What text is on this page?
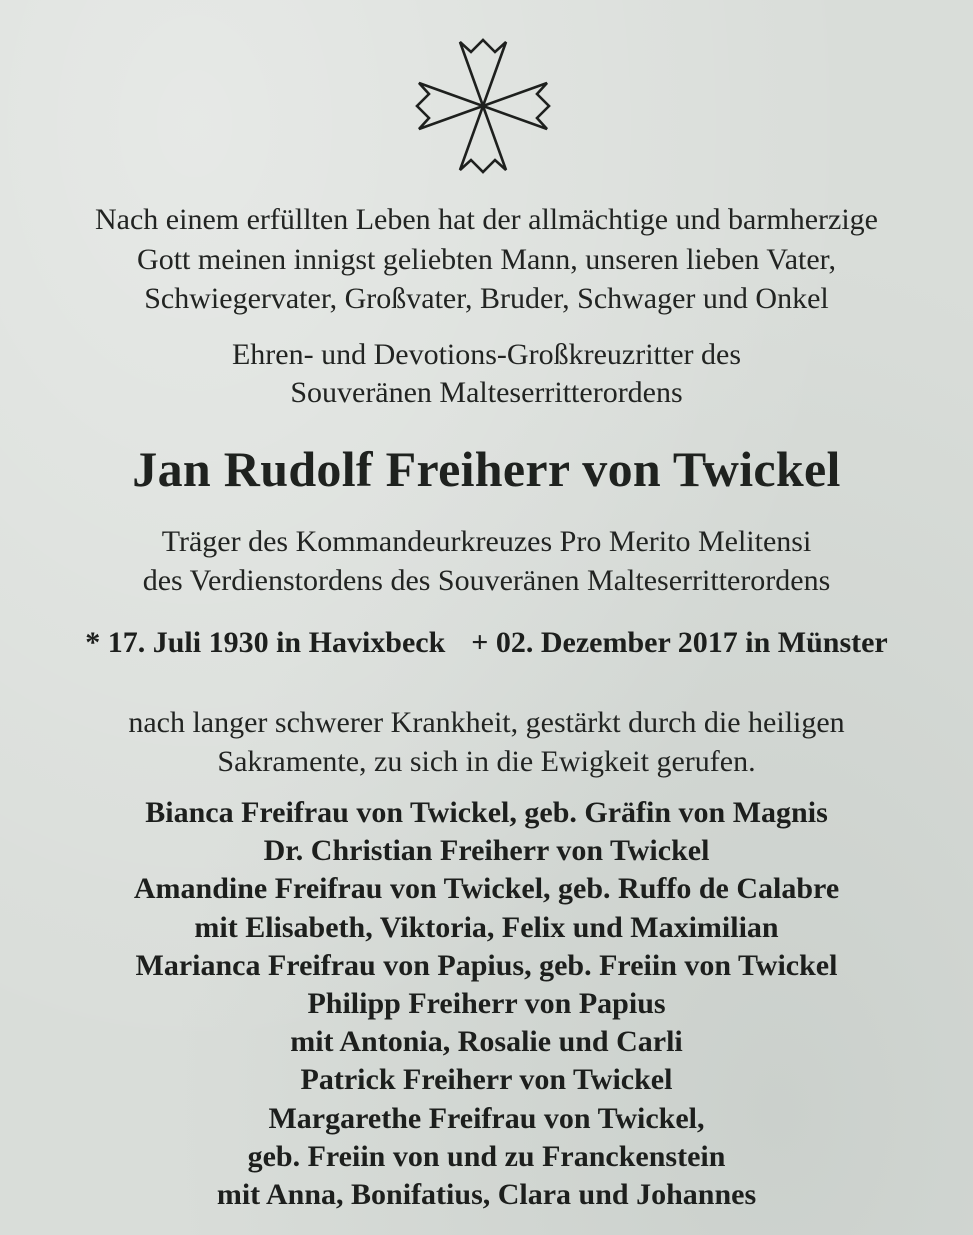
Nach einem erfüllten Leben hat der allmächtige und barmherzige
Gott meinen innigst geliebten Mann, unseren lieben Vater,
Schwiegervater, Großvater, Bruder, Schwager und Onkel
Ehren- und Devotions-Großkreuzritter des
Souveränen Malteserritterordens
Jan Rudolf Freiherr von Twickel
Träger des Kommandeurkreuzes Pro Merito Melitensi
des Verdienstordens des Souveränen Malteserritterordens
* 17. Juli 1930 in Havixbeck + 02. Dezember 2017 in Münster
nach langer schwerer Krankheit, gestärkt durch die heiligen
Sakramente, zu sich in die Ewigkeit gerufen.
Bianca Freifrau von Twickel, geb. Gräfin von Magnis
Dr. Christian Freiherr von Twickel
Amandine Freifrau von Twickel, geb. Ruffo de Calabre
mit Elisabeth, Viktoria, Felix und Maximilian
Marianca Freifrau von Papius, geb. Freiin von Twickel
Philipp Freiherr von Papius
mit Antonia, Rosalie und Carli
Patrick Freiherr von Twickel
Margarethe Freifrau von Twickel,
geb. Freiin von und zu Franckenstein
mit Anna, Bonifatius, Clara und Johannes
